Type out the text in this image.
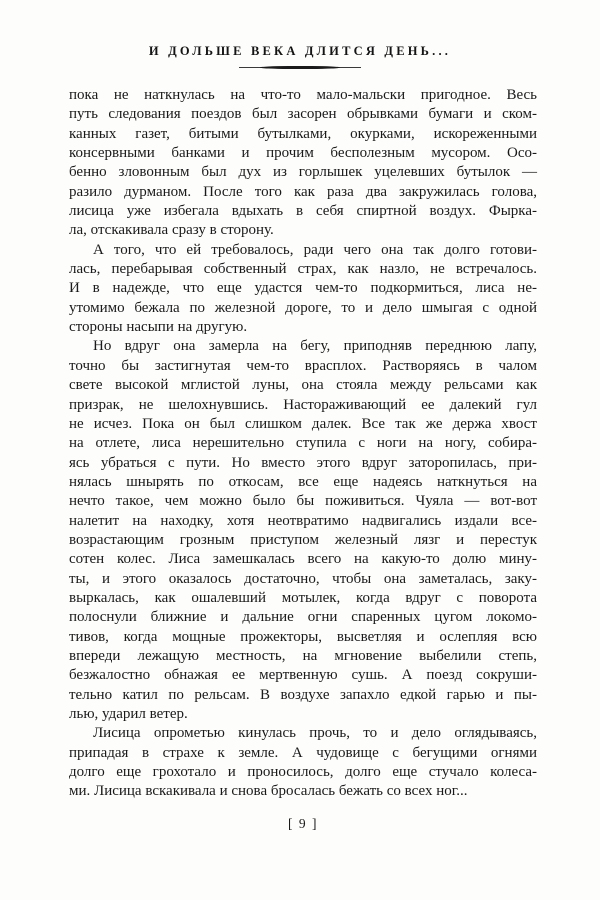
И ДОЛЬШЕ ВЕКА ДЛИТСЯ ДЕНЬ...
пока не наткнулась на что-то мало-мальски пригодное. Весь
путь следования поездов был засорен обрывками бумаги и ском-
канных газет, битыми бутылками, окурками, искореженными
консервными банками и прочим бесполезным мусором. Осо-
бенно зловонным был дух из горлышек уцелевших бутылок —
разило дурманом. После того как раза два закружилась голова,
лисица уже избегала вдыхать в себя спиртной воздух. Фырка-
ла, отскакивала сразу в сторону.
А того, что ей требовалось, ради чего она так долго готови-
лась, перебарывая собственный страх, как назло, не встречалось.
И в надежде, что еще удастся чем-то подкормиться, лиса не-
утомимо бежала по железной дороге, то и дело шмыгая с одной
стороны насыпи на другую.
Но вдруг она замерла на бегу, приподняв переднюю лапу,
точно бы застигнутая чем-то врасплох. Растворяясь в чалом
свете высокой мглистой луны, она стояла между рельсами как
призрак, не шелохнувшись. Настораживающий ее далекий гул
не исчез. Пока он был слишком далек. Все так же держа хвост
на отлете, лиса нерешительно ступила с ноги на ногу, собира-
ясь убраться с пути. Но вместо этого вдруг заторопилась, при-
нялась шнырять по откосам, все еще надеясь наткнуться на
нечто такое, чем можно было бы поживиться. Чуяла — вот-вот
налетит на находку, хотя неотвратимо надвигались издали все-
возрастающим грозным приступом железный лязг и перестук
сотен колес. Лиса замешкалась всего на какую-то долю мину-
ты, и этого оказалось достаточно, чтобы она заметалась, заку-
выркалась, как ошалевший мотылек, когда вдруг с поворота
полоснули ближние и дальние огни спаренных цугом локомо-
тивов, когда мощные прожекторы, высветляя и ослепляя всю
впереди лежащую местность, на мгновение выбелили степь,
безжалостно обнажая ее мертвенную сушь. А поезд сокруши-
тельно катил по рельсам. В воздухе запахло едкой гарью и пы-
лью, ударил ветер.
Лисица опрометью кинулась прочь, то и дело оглядываясь,
припадая в страхе к земле. А чудовище с бегущими огнями
долго еще грохотало и проносилось, долго еще стучало колеса-
ми. Лисица вскакивала и снова бросалась бежать со всех ног...
[ 9 ]
